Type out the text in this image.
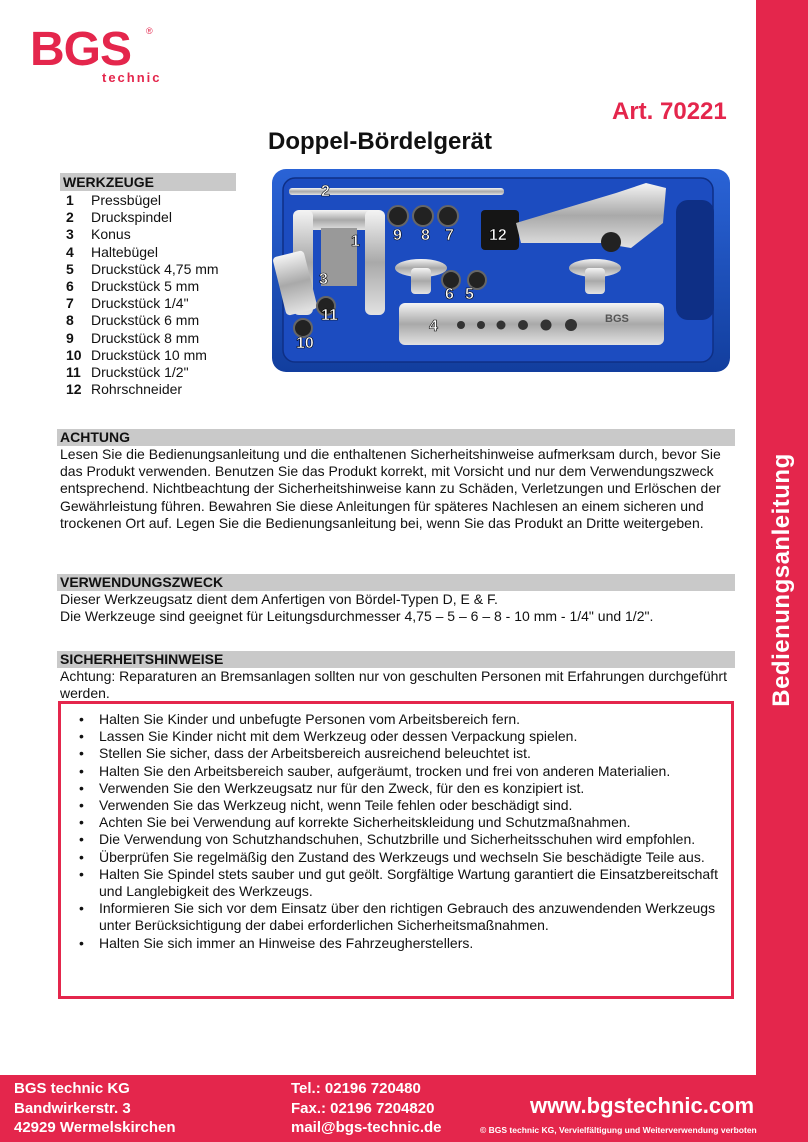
Bedienungsanleitung
BGS ®
technic
Art. 70221
Doppel-Bördelgerät
WERKZEUGE
1	Pressbügel
2	Druckspindel
3	Konus
4	Haltebügel
5	Druckstück 4,75 mm
6	Druckstück 5 mm
7	Druckstück 1/4"
8	Druckstück 6 mm
9	Druckstück 8 mm
10 Druckstück 10 mm
11 Druckstück 1/2"
12 Rohrschneider
1
2
3
4
5
6
7
8
9
10
11
12
BGS
ACHTUNG
Lesen Sie die Bedienungsanleitung und die enthaltenen Sicherheitshinweise aufmerksam durch, bevor Sie das Produkt verwenden. Benutzen Sie das Produkt korrekt, mit Vorsicht und nur dem Verwendungszweck entsprechend. Nichtbeachtung der Sicherheitshinweise kann zu Schäden, Verletzungen und Erlöschen der Gewährleistung führen. Bewahren Sie diese Anleitungen für späteres Nachlesen an einem sicheren und trockenen Ort auf. Legen Sie die Bedienungsanleitung bei, wenn Sie das Produkt an Dritte weitergeben.
VERWENDUNGSZWECK
Dieser Werkzeugsatz dient dem Anfertigen von Bördel-Typen D, E & F.
Die Werkzeuge sind geeignet für Leitungsdurchmesser 4,75 – 5 – 6 – 8 - 10 mm - 1/4" und 1/2".
SICHERHEITSHINWEISE
Achtung: Reparaturen an Bremsanlagen sollten nur von geschulten Personen mit Erfahrungen durchgeführt werden.
• Halten Sie Kinder und unbefugte Personen vom Arbeitsbereich fern.
• Lassen Sie Kinder nicht mit dem Werkzeug oder dessen Verpackung spielen.
• Stellen Sie sicher, dass der Arbeitsbereich ausreichend beleuchtet ist.
• Halten Sie den Arbeitsbereich sauber, aufgeräumt, trocken und frei von anderen Materialien.
• Verwenden Sie den Werkzeugsatz nur für den Zweck, für den es konzipiert ist.
• Verwenden Sie das Werkzeug nicht, wenn Teile fehlen oder beschädigt sind.
• Achten Sie bei Verwendung auf korrekte Sicherheitskleidung und Schutzmaßnahmen.
• Die Verwendung von Schutzhandschuhen, Schutzbrille und Sicherheitsschuhen wird empfohlen.
• Überprüfen Sie regelmäßig den Zustand des Werkzeugs und wechseln Sie beschädigte Teile aus.
• Halten Sie Spindel stets sauber und gut geölt. Sorgfältige Wartung garantiert die Einsatzbereitschaft und Langlebigkeit des Werkzeugs.
• Informieren Sie sich vor dem Einsatz über den richtigen Gebrauch des anzuwendenden Werkzeugs unter Berücksichtigung der dabei erforderlichen Sicherheitsmaßnahmen.
• Halten Sie sich immer an Hinweise des Fahrzeugherstellers.
BGS technic KG
Bandwirkerstr. 3
42929 Wermelskirchen
Tel.: 02196 720480
Fax.: 02196 7204820
mail@bgs-technic.de
www.bgstechnic.com
© BGS technic KG, Vervielfältigung und Weiterverwendung verboten
